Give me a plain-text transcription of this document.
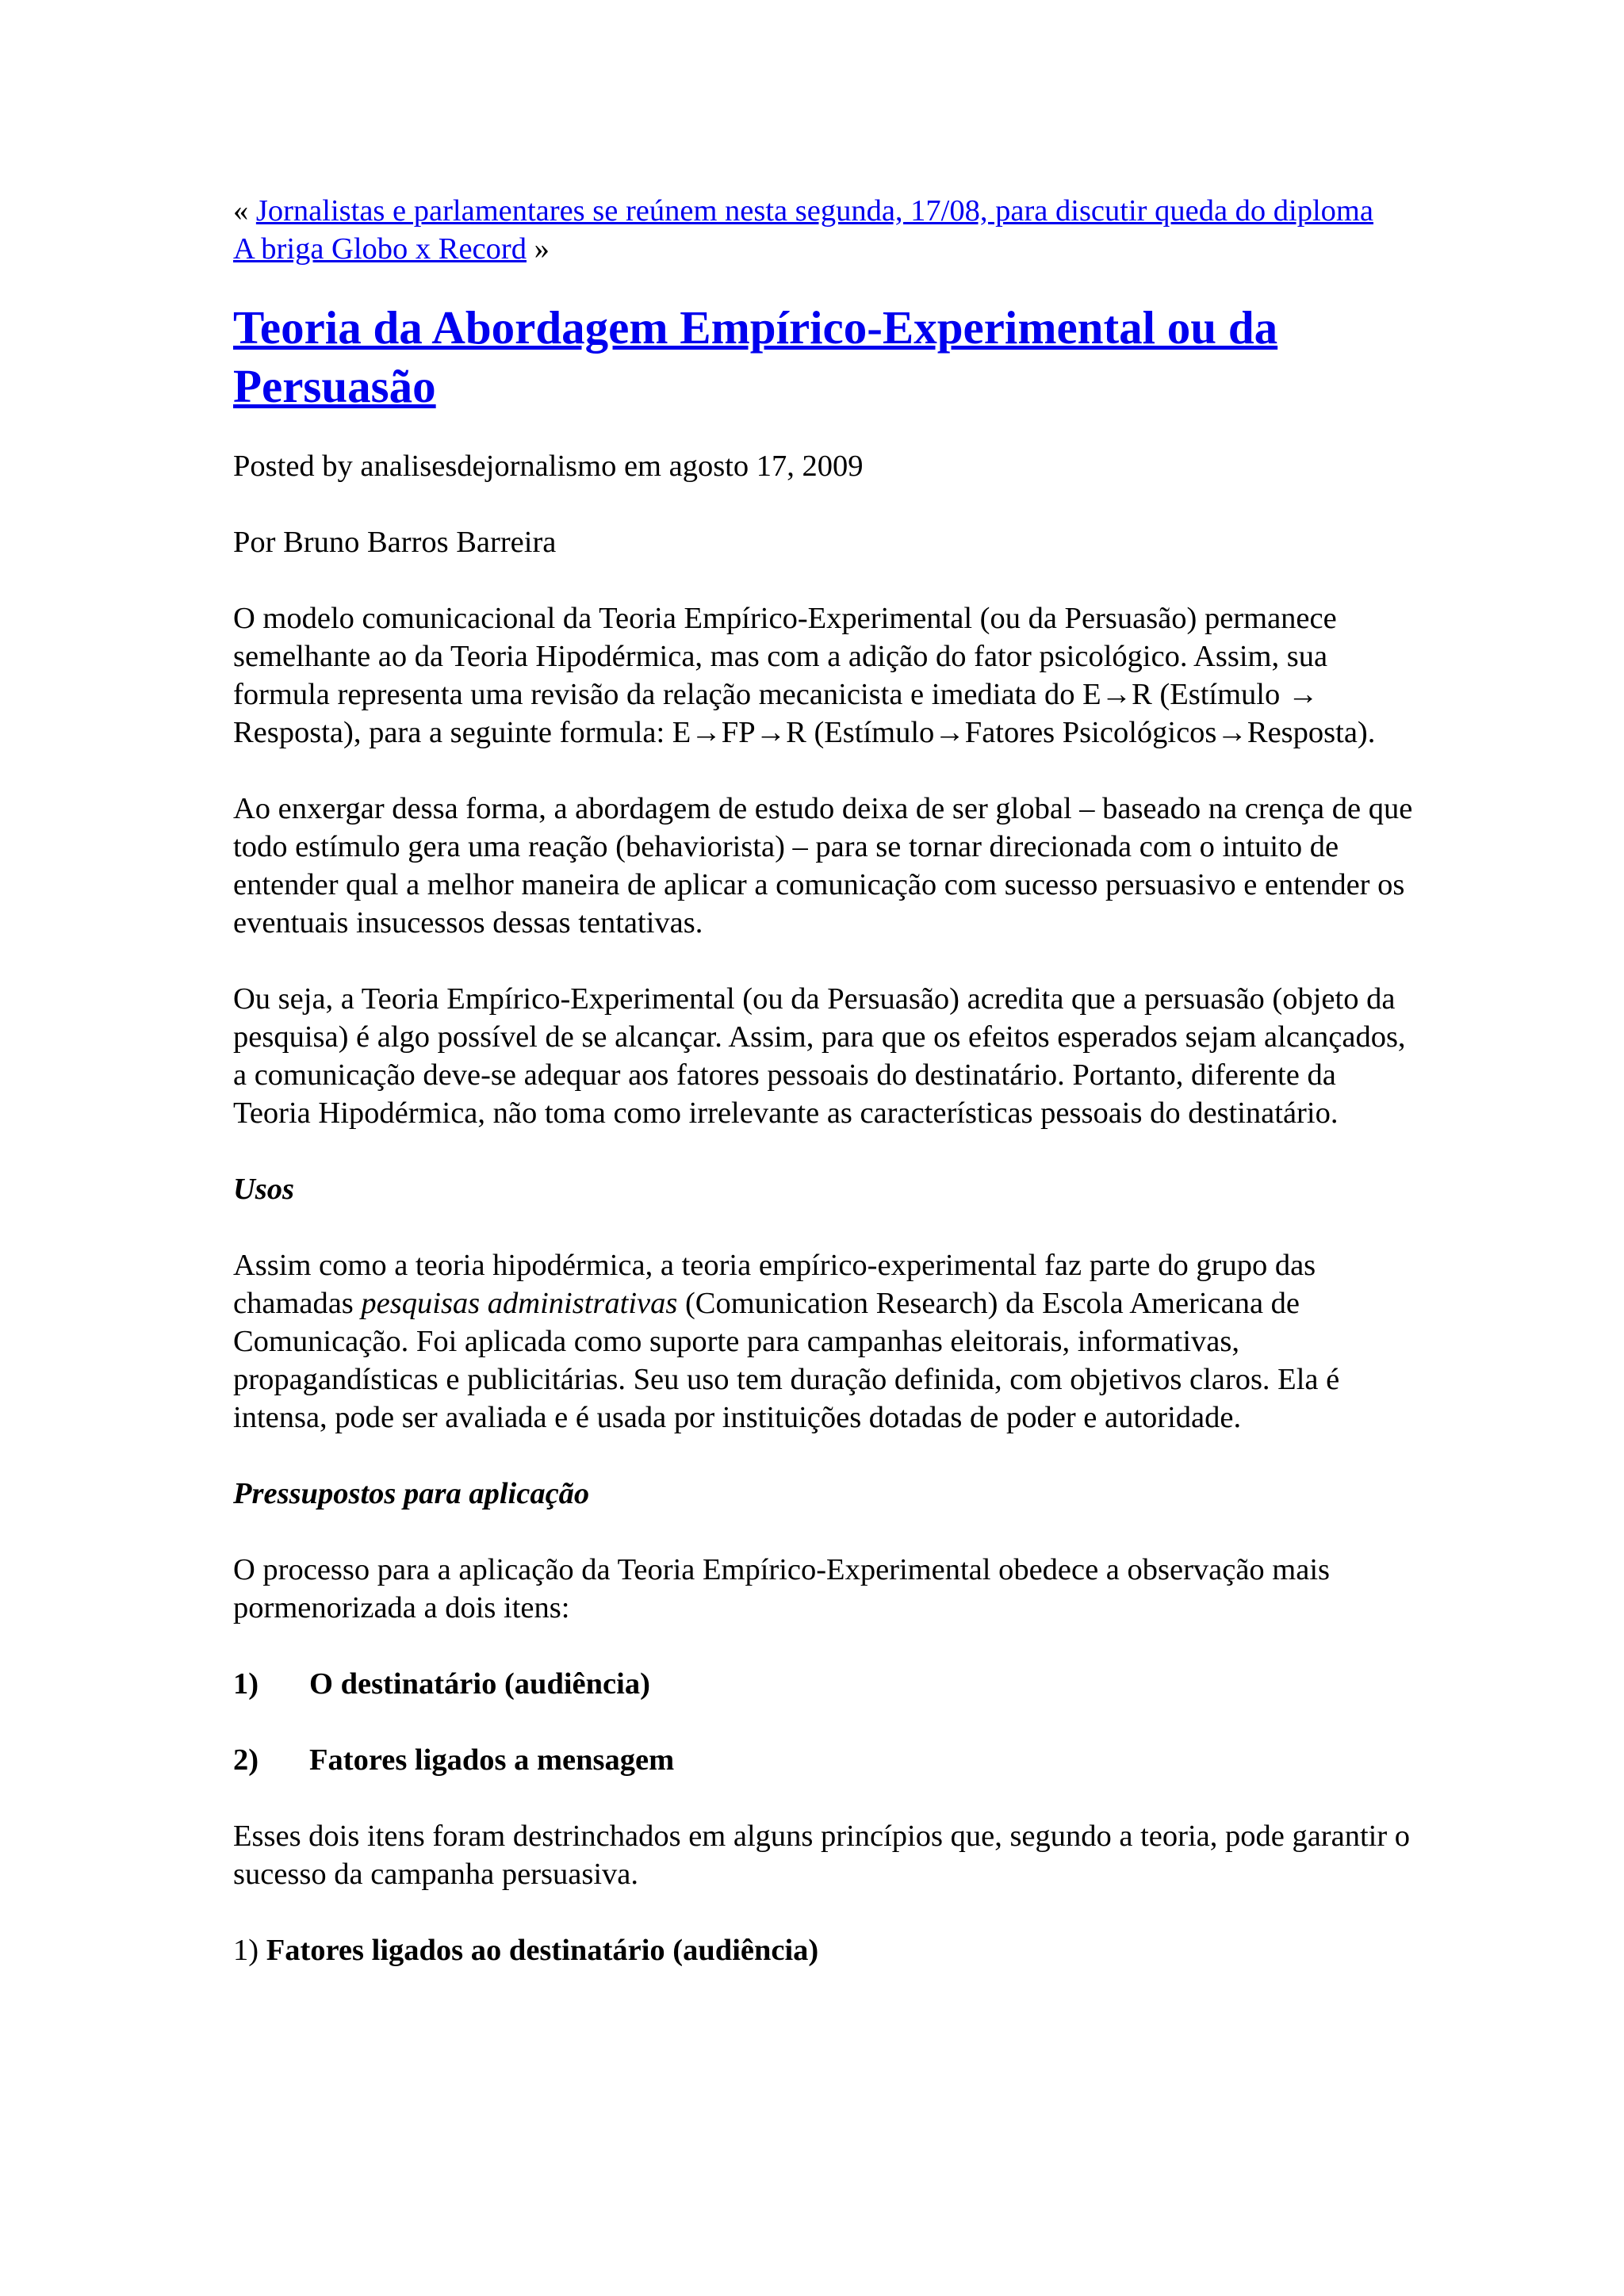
« Jornalistas e parlamentares se reúnem nesta segunda, 17/08, para discutir queda do diploma

A briga Globo x Record »

Teoria da Abordagem Empírico-Experimental ou da Persuasão

Posted by analisesdejornalismo em agosto 17, 2009

Por Bruno Barros Barreira

O modelo comunicacional da Teoria Empírico-Experimental (ou da Persuasão) permanece semelhante ao da Teoria Hipodérmica, mas com a adição do fator psicológico. Assim, sua formula representa uma revisão da relação mecanicista e imediata do E→R (Estímulo → Resposta), para a seguinte formula: E→FP→R (Estímulo→Fatores Psicológicos→Resposta).

Ao enxergar dessa forma, a abordagem de estudo deixa de ser global – baseado na crença de que todo estímulo gera uma reação (behaviorista) – para se tornar direcionada com o intuito de entender qual a melhor maneira de aplicar a comunicação com sucesso persuasivo e entender os eventuais insucessos dessas tentativas.

Ou seja, a Teoria Empírico-Experimental (ou da Persuasão) acredita que a persuasão (objeto da pesquisa) é algo possível de se alcançar. Assim, para que os efeitos esperados sejam alcançados, a comunicação deve-se adequar aos fatores pessoais do destinatário. Portanto, diferente da Teoria Hipodérmica, não toma como irrelevante as características pessoais do destinatário.

Usos

Assim como a teoria hipodérmica, a teoria empírico-experimental faz parte do grupo das chamadas pesquisas administrativas (Comunication Research) da Escola Americana de Comunicação. Foi aplicada como suporte para campanhas eleitorais, informativas, propagandísticas e publicitárias. Seu uso tem duração definida, com objetivos claros. Ela é intensa, pode ser avaliada e é usada por instituições dotadas de poder e autoridade.

Pressupostos para aplicação

O processo para a aplicação da Teoria Empírico-Experimental obedece a observação mais pormenorizada a dois itens:

1)	O destinatário (audiência)

2)	Fatores ligados a mensagem

Esses dois itens foram destrinchados em alguns princípios que, segundo a teoria, pode garantir o sucesso da campanha persuasiva.

1) Fatores ligados ao destinatário (audiência)
